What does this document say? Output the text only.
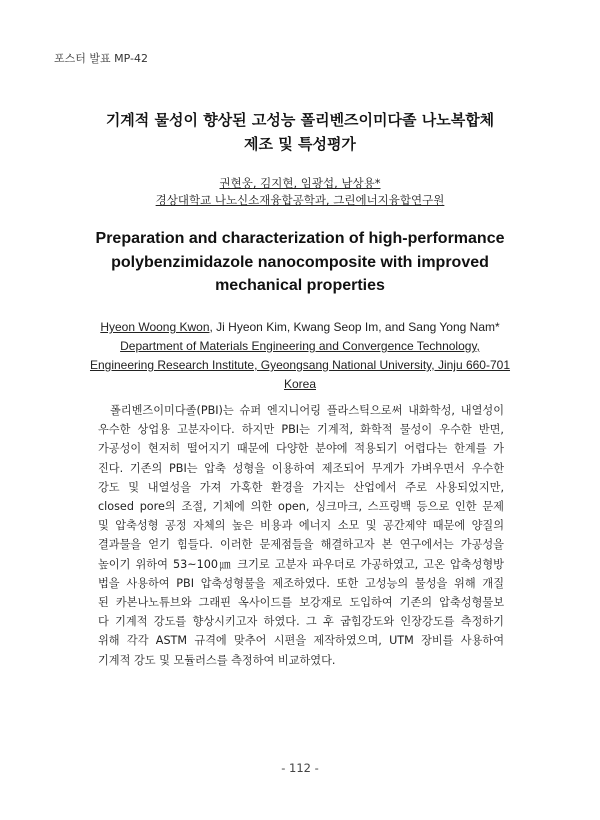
포스터 발표 MP-42
기계적 물성이 향상된 고성능 폴리벤즈이미다졸 나노복합체
제조 및 특성평가
권현웅, 김지현, 임광섭, 남상용*
경상대학교 나노신소재융합공학과, 그린에너지융합연구원
Preparation and characterization of high-performance
polybenzimidazole nanocomposite with improved
mechanical properties
Hyeon Woong Kwon, Ji Hyeon Kim, Kwang Seop Im, and Sang Yong Nam*
Department of Materials Engineering and Convergence Technology,
Engineering Research Institute, Gyeongsang National University, Jinju 660-701
Korea
폴리벤즈이미다졸(PBI)는 슈퍼 엔지니어링 플라스틱으로써 내화학성, 내열성이
우수한 상업용 고분자이다. 하지만 PBI는 기계적, 화학적 물성이 우수한 반면,
가공성이 현저히 떨어지기 때문에 다양한 분야에 적용되기 어렵다는 한계를 가
진다. 기존의 PBI는 압축 성형을 이용하여 제조되어 무게가 가벼우면서 우수한
강도 및 내열성을 가져 가혹한 환경을 가지는 산업에서 주로 사용되었지만,
closed pore의 조절, 기체에 의한 open, 싱크마크, 스프링백 등으로 인한 문제
및 압축성형 공정 자체의 높은 비용과 에너지 소모 및 공간제약 때문에 양질의
결과물을 얻기 힘들다. 이러한 문제점들을 해결하고자 본 연구에서는 가공성을
높이기 위하여 53~100㎛ 크기로 고분자 파우더로 가공하였고, 고온 압축성형방
법을 사용하여 PBI 압축성형물을 제조하였다. 또한 고성능의 물성을 위해 개질
된 카본나노튜브와 그래핀 옥사이드를 보강재로 도입하여 기존의 압축성형물보
다 기계적 강도를 향상시키고자 하였다. 그 후 굽힘강도와 인장강도를 측정하기
위해 각각 ASTM 규격에 맞추어 시편을 제작하였으며, UTM 장비를 사용하여
기계적 강도 및 모듈러스를 측정하여 비교하였다.
- 112 -
